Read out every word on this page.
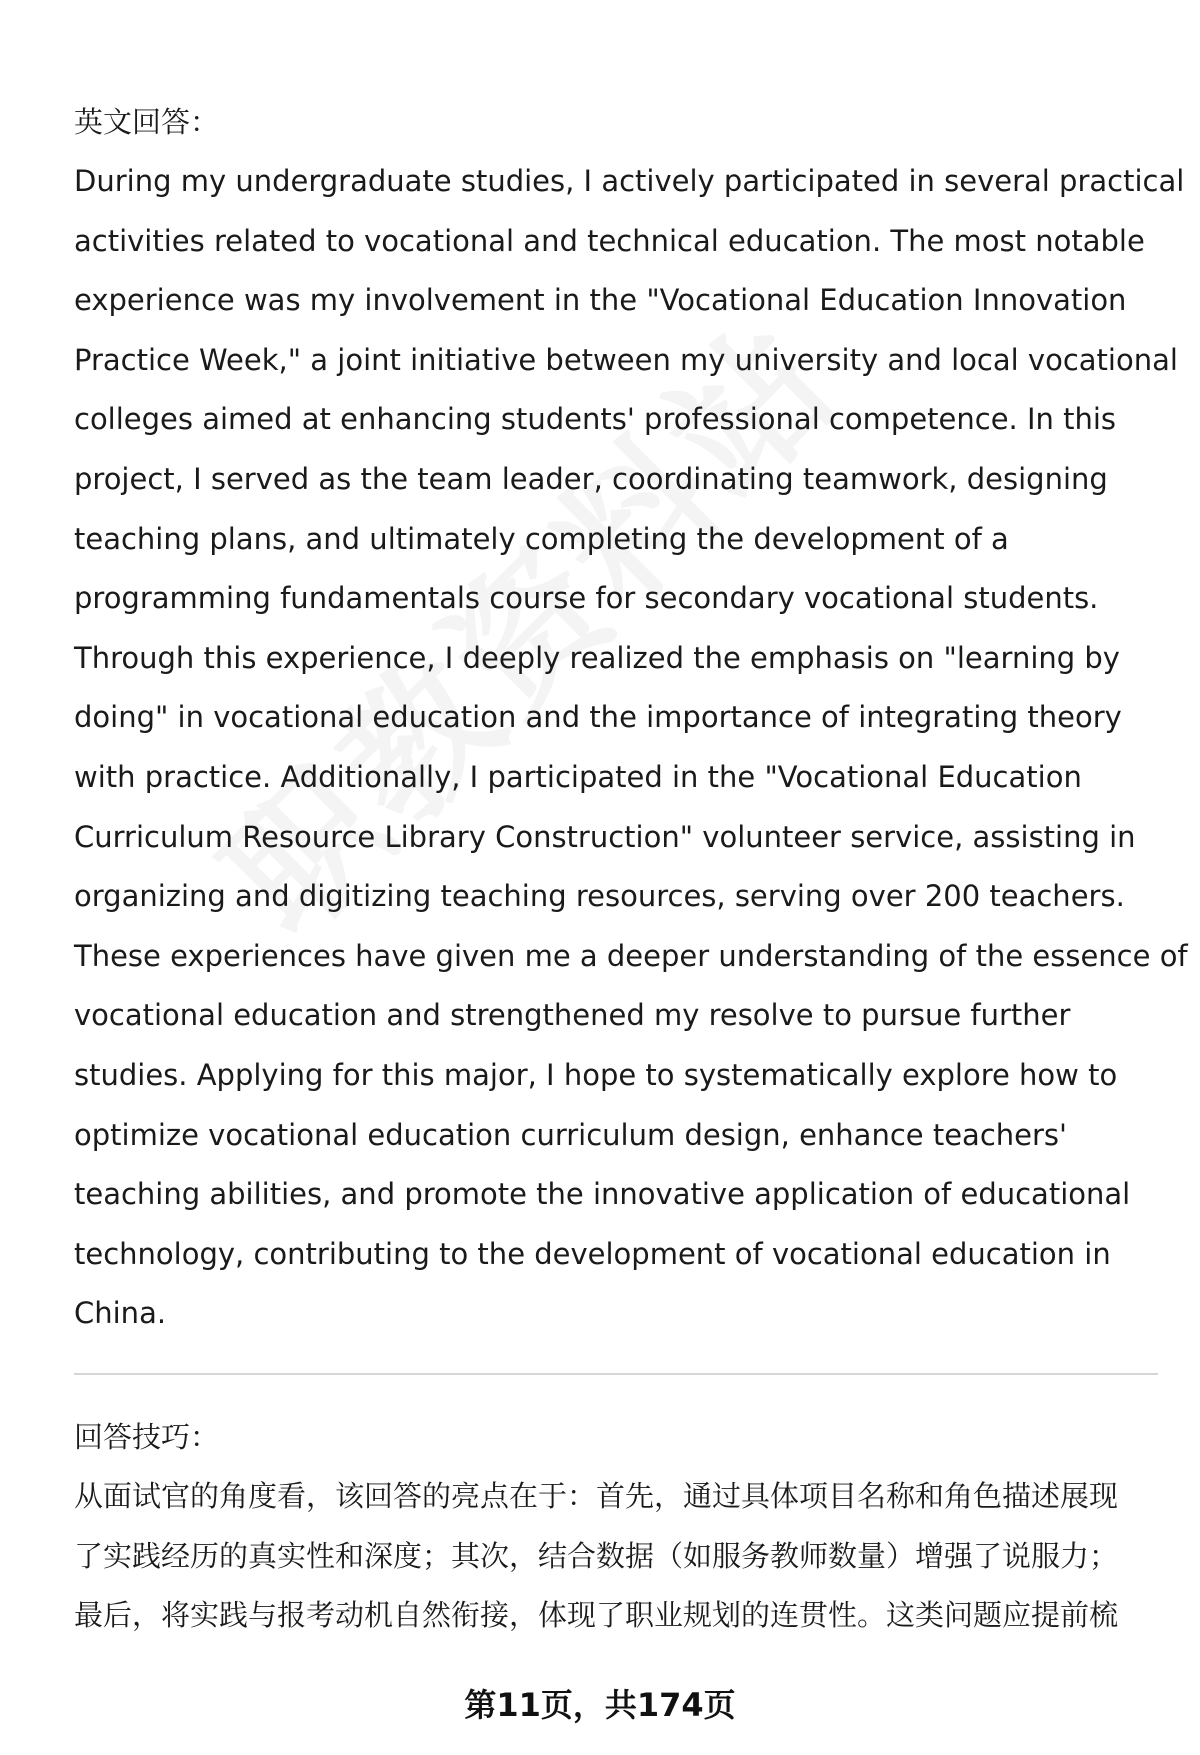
英文回答：
During my undergraduate studies, I actively participated in several practical
activities related to vocational and technical education. The most notable
experience was my involvement in the "Vocational Education Innovation
Practice Week," a joint initiative between my university and local vocational
colleges aimed at enhancing students' professional competence. In this
project, I served as the team leader, coordinating teamwork, designing
teaching plans, and ultimately completing the development of a
programming fundamentals course for secondary vocational students.
Through this experience, I deeply realized the emphasis on "learning by
doing" in vocational education and the importance of integrating theory
with practice. Additionally, I participated in the "Vocational Education
Curriculum Resource Library Construction" volunteer service, assisting in
organizing and digitizing teaching resources, serving over 200 teachers.
These experiences have given me a deeper understanding of the essence of
vocational education and strengthened my resolve to pursue further
studies. Applying for this major, I hope to systematically explore how to
optimize vocational education curriculum design, enhance teachers'
teaching abilities, and promote the innovative application of educational
technology, contributing to the development of vocational education in
China.
回答技巧：
从面试官的角度看，该回答的亮点在于：首先，通过具体项目名称和角色描述展现
了实践经历的真实性和深度；其次，结合数据（如服务教师数量）增强了说服力；
最后，将实践与报考动机自然衔接，体现了职业规划的连贯性。这类问题应提前梳
第11页，共174页
